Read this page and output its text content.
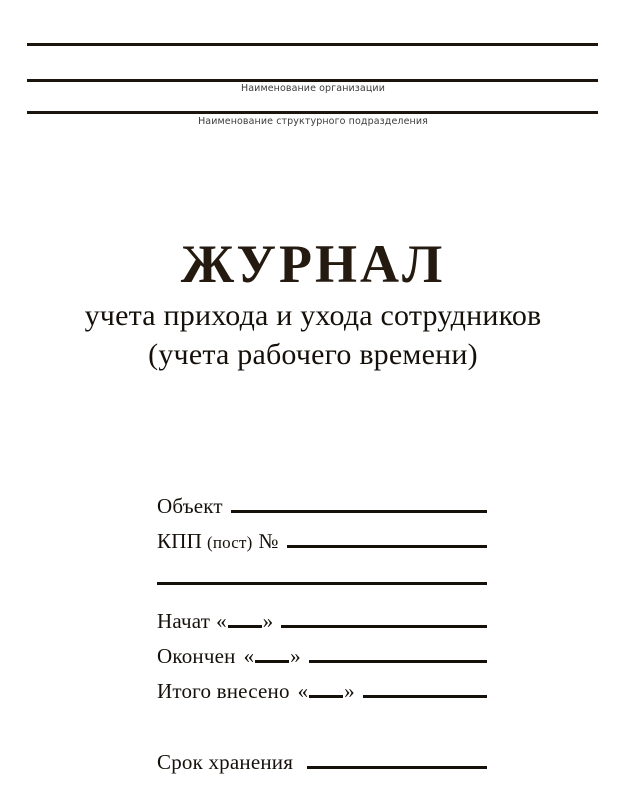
Наименование организации
Наименование структурного подразделения
ЖУРНАЛ
учета прихода и ухода сотрудников
(учета рабочего времени)
Объект
КПП (пост) №
Начат « »
Окончен « »
Итого внесено « »
Срок хранения
